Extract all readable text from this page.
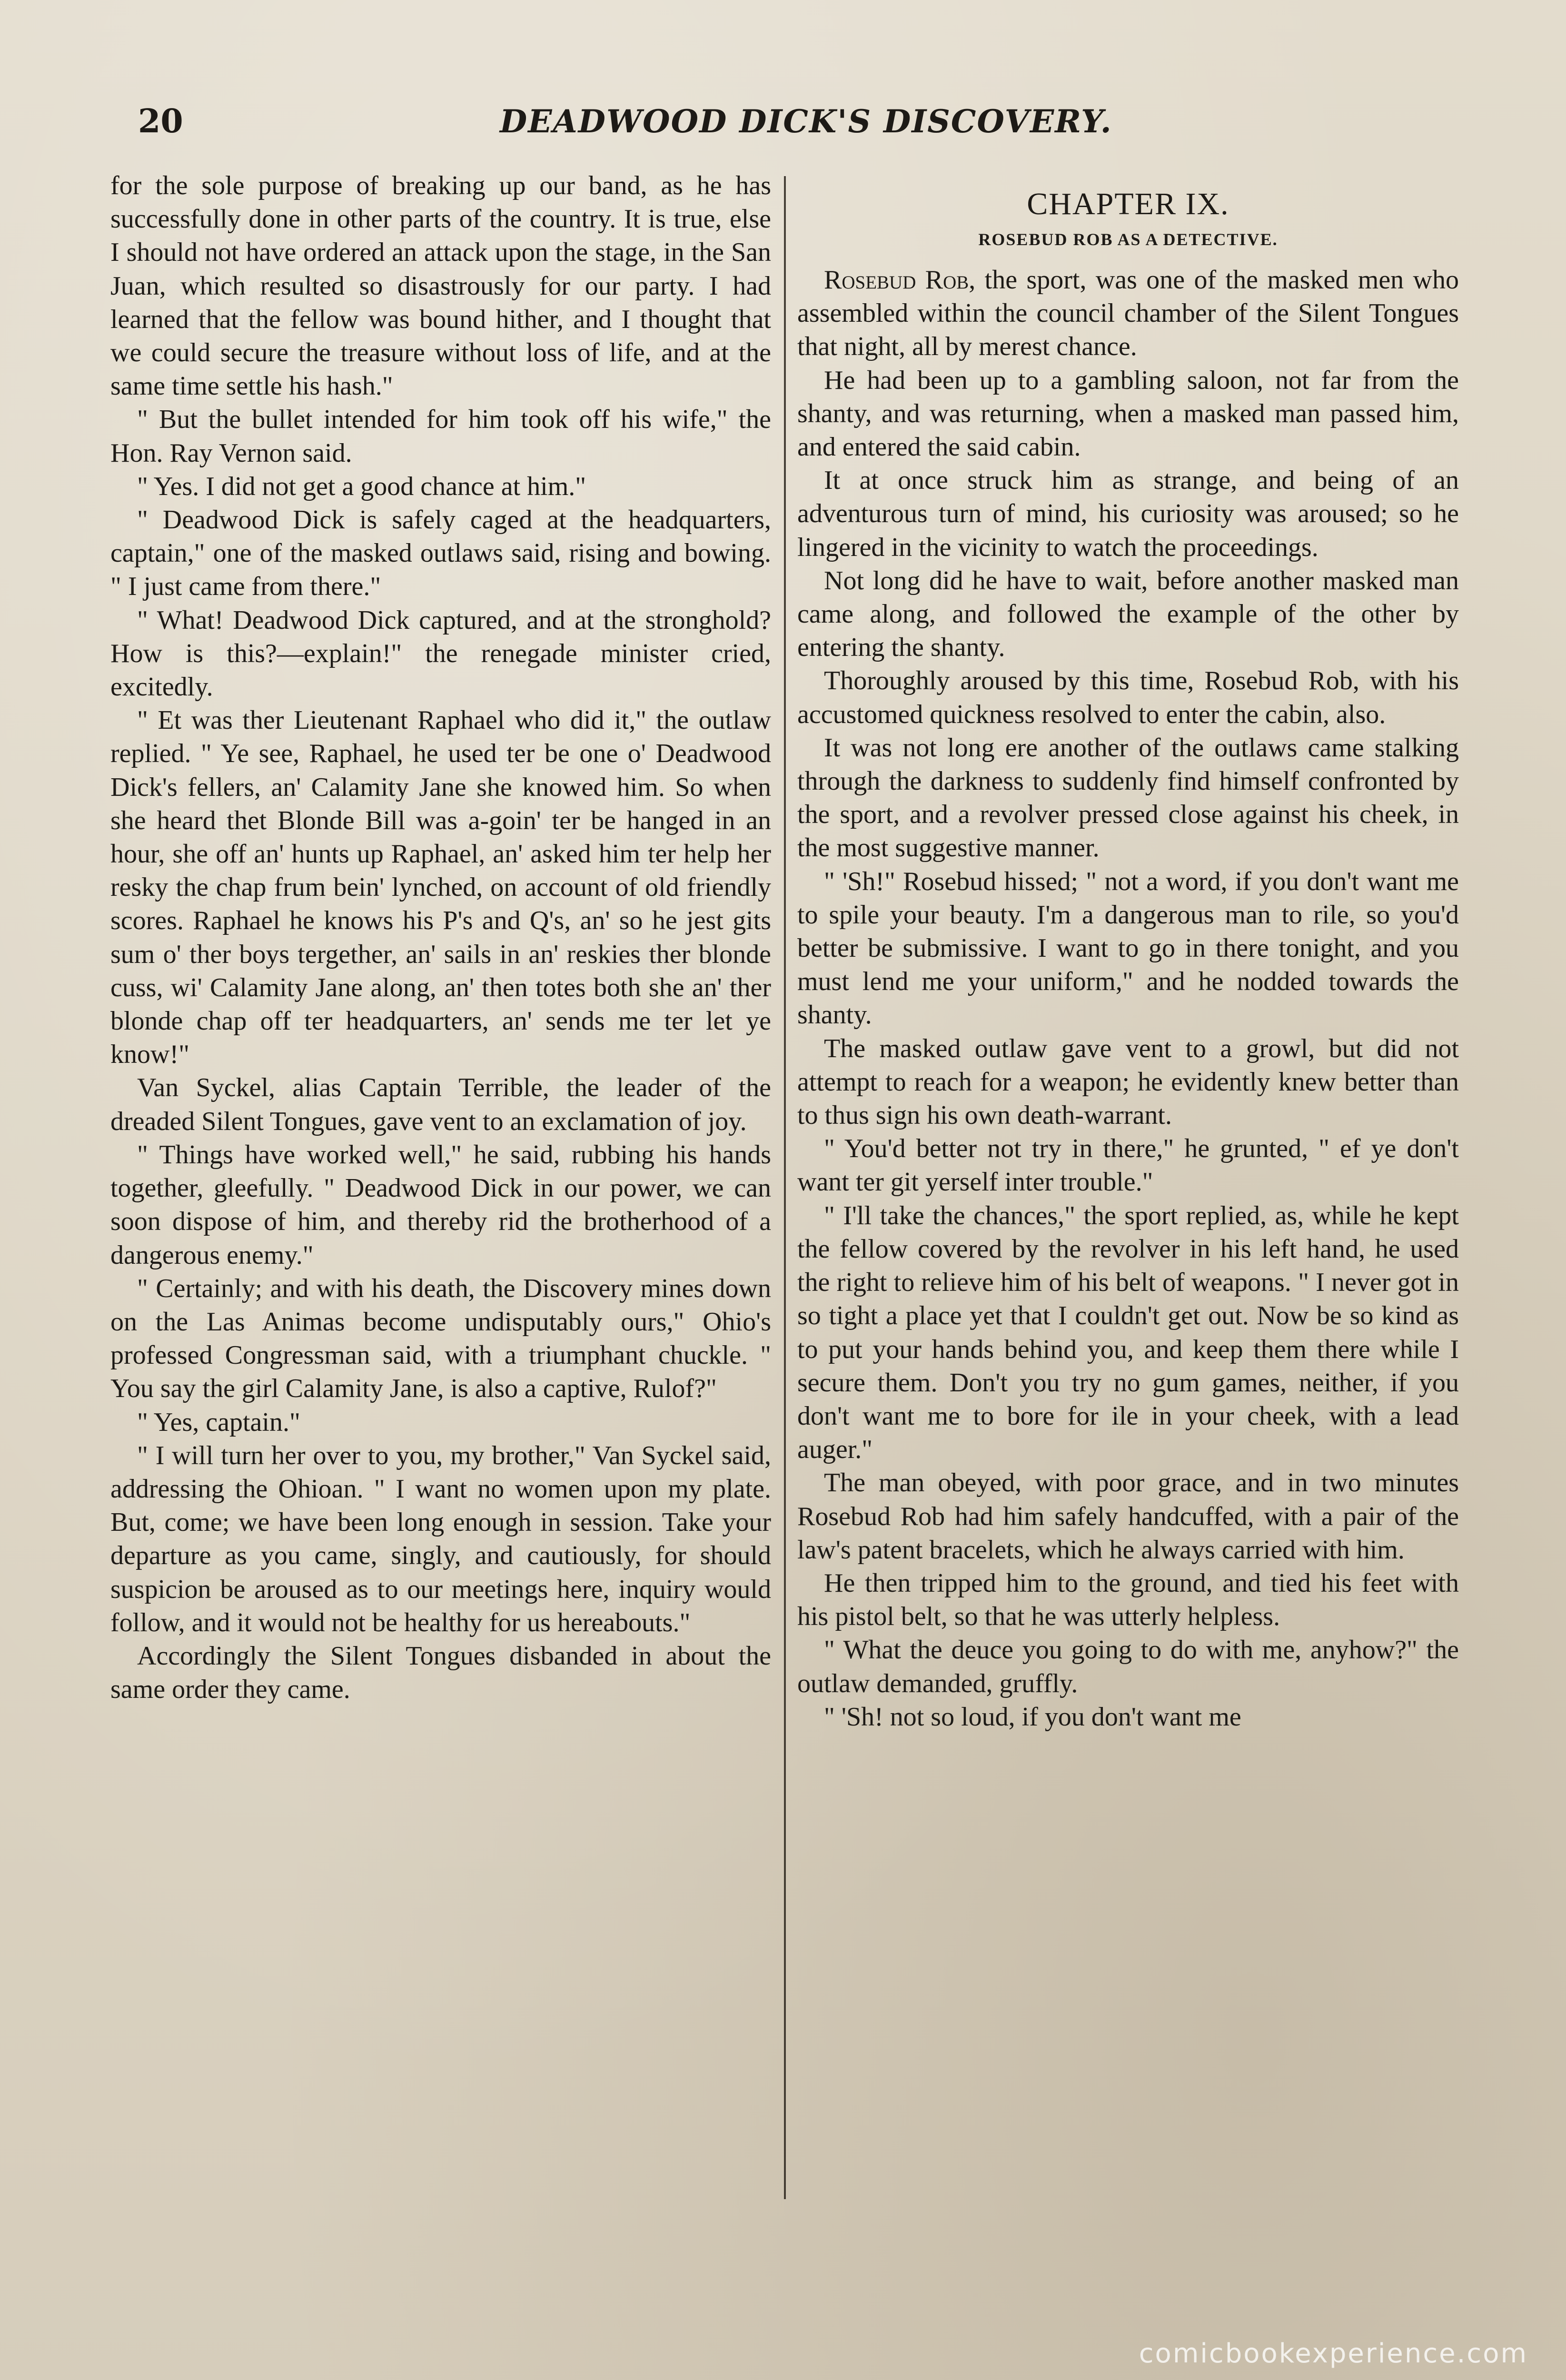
20	DEADWOOD DICK'S DISCOVERY.

for the sole purpose of breaking up our band, as he has successfully done in other parts of the country. It is true, else I should not have ordered an attack upon the stage, in the San Juan, which resulted so disastrously for our party. I had learned that the fellow was bound hither, and I thought that we could secure the treasure without loss of life, and at the same time settle his hash."

" But the bullet intended for him took off his wife," the Hon. Ray Vernon said.

" Yes. I did not get a good chance at him."

" Deadwood Dick is safely caged at the headquarters, captain," one of the masked outlaws said, rising and bowing. " I just came from there."

" What! Deadwood Dick captured, and at the stronghold? How is this?—explain!" the renegade minister cried, excitedly.

" Et was ther Lieutenant Raphael who did it," the outlaw replied. " Ye see, Raphael, he used ter be one o' Deadwood Dick's fellers, an' Calamity Jane she knowed him. So when she heard thet Blonde Bill was a-goin' ter be hanged in an hour, she off an' hunts up Raphael, an' asked him ter help her resky the chap frum bein' lynched, on account of old friendly scores. Raphael he knows his P's and Q's, an' so he jest gits sum o' ther boys tergether, an' sails in an' reskies ther blonde cuss, wi' Calamity Jane along, an' then totes both she an' ther blonde chap off ter headquarters, an' sends me ter let ye know!"

Van Syckel, alias Captain Terrible, the leader of the dreaded Silent Tongues, gave vent to an exclamation of joy.

" Things have worked well," he said, rubbing his hands together, gleefully. " Deadwood Dick in our power, we can soon dispose of him, and thereby rid the brotherhood of a dangerous enemy."

" Certainly; and with his death, the Discovery mines down on the Las Animas become undisputably ours," Ohio's professed Congressman said, with a triumphant chuckle. " You say the girl Calamity Jane, is also a captive, Rulof?"

" Yes, captain."

" I will turn her over to you, my brother," Van Syckel said, addressing the Ohioan. " I want no women upon my plate. But, come; we have been long enough in session. Take your departure as you came, singly, and cautiously, for should suspicion be aroused as to our meetings here, inquiry would follow, and it would not be healthy for us hereabouts."

Accordingly the Silent Tongues disbanded in about the same order they came.

CHAPTER IX.
ROSEBUD ROB AS A DETECTIVE.

Rosebud Rob, the sport, was one of the masked men who assembled within the council chamber of the Silent Tongues that night, all by merest chance.

He had been up to a gambling saloon, not far from the shanty, and was returning, when a masked man passed him, and entered the said cabin.

It at once struck him as strange, and being of an adventurous turn of mind, his curiosity was aroused; so he lingered in the vicinity to watch the proceedings.

Not long did he have to wait, before another masked man came along, and followed the example of the other by entering the shanty.

Thoroughly aroused by this time, Rosebud Rob, with his accustomed quickness resolved to enter the cabin, also.

It was not long ere another of the outlaws came stalking through the darkness to suddenly find himself confronted by the sport, and a revolver pressed close against his cheek, in the most suggestive manner.

" 'Sh!" Rosebud hissed; " not a word, if you don't want me to spile your beauty. I'm a dangerous man to rile, so you'd better be submissive. I want to go in there tonight, and you must lend me your uniform," and he nodded towards the shanty.

The masked outlaw gave vent to a growl, but did not attempt to reach for a weapon; he evidently knew better than to thus sign his own death-warrant.

" You'd better not try in there," he grunted, " ef ye don't want ter git yerself inter trouble."

" I'll take the chances," the sport replied, as, while he kept the fellow covered by the revolver in his left hand, he used the right to relieve him of his belt of weapons. " I never got in so tight a place yet that I couldn't get out. Now be so kind as to put your hands behind you, and keep them there while I secure them. Don't you try no gum games, neither, if you don't want me to bore for ile in your cheek, with a lead auger."

The man obeyed, with poor grace, and in two minutes Rosebud Rob had him safely handcuffed, with a pair of the law's patent bracelets, which he always carried with him.

He then tripped him to the ground, and tied his feet with his pistol belt, so that he was utterly helpless.

" What the deuce you going to do with me, anyhow?" the outlaw demanded, gruffly.

" 'Sh! not so loud, if you don't want me

comicbookexperience.com
